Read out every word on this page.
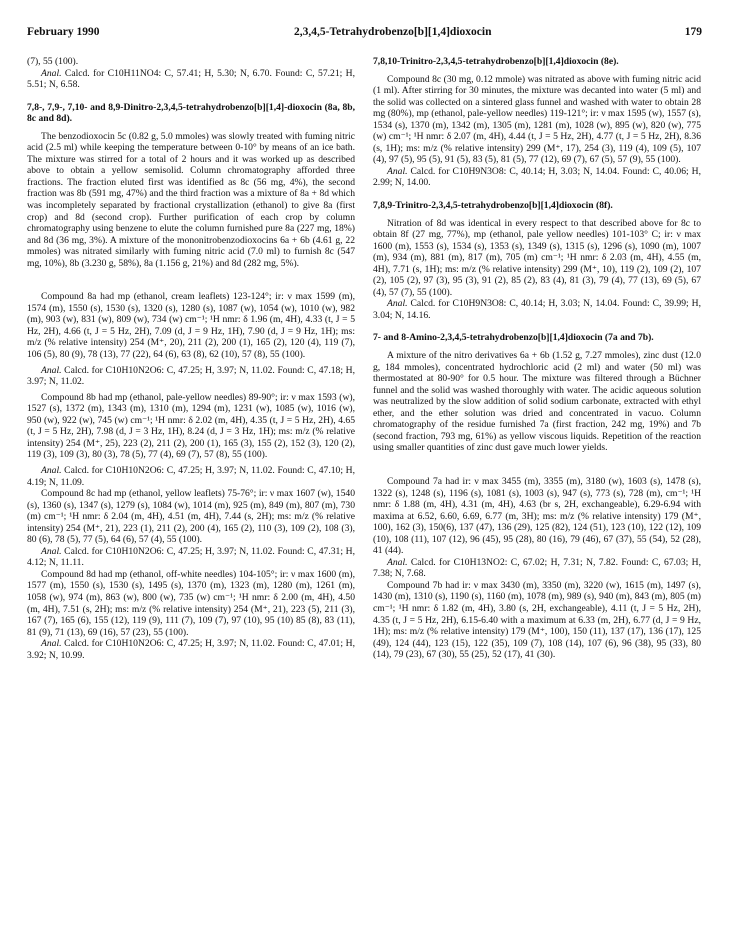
February 1990	2,3,4,5-Tetrahydrobenzo[b][1,4]dioxocin	179

(7), 55 (100).

Anal. Calcd. for C10H11NO4: C, 57.41; H, 5.30; N, 6.70. Found: C, 57.21; H, 5.51; N, 6.58.

7,8-, 7,9-, 7,10- and 8,9-Dinitro-2,3,4,5-tetrahydrobenzo[b][1,4]-dioxocin (8a, 8b, 8c and 8d).

The benzodioxocin 5c (0.82 g, 5.0 mmoles) was slowly treated with fuming nitric acid (2.5 ml) while keeping the temperature between 0-10° by means of an ice bath. The mixture was stirred for a total of 2 hours and it was worked up as described above to obtain a yellow semisolid. Column chromatography afforded three fractions. The fraction eluted first was identified as 8c (56 mg, 4%), the second fraction was 8b (591 mg, 47%) and the third fraction was a mixture of 8a + 8d which was incompletely separated by fractional crystallization (ethanol) to give 8a (first crop) and 8d (second crop). Further purification of each crop by column chromatography using benzene to elute the column furnished pure 8a (227 mg, 18%) and 8d (36 mg, 3%). A mixture of the mononitrobenzodioxocins 6a + 6b (4.61 g, 22 mmoles) was nitrated similarly with fuming nitric acid (7.0 ml) to furnish 8c (547 mg, 10%), 8b (3.230 g, 58%), 8a (1.156 g, 21%) and 8d (282 mg, 5%).

Compound 8a had mp (ethanol, cream leaflets) 123-124°; ir: ν max 1599 (m), 1574 (m), 1550 (s), 1530 (s), 1320 (s), 1280 (s), 1087 (w), 1054 (w), 1010 (w), 982 (m), 903 (w), 831 (w), 809 (w), 734 (w) cm⁻¹; ¹H nmr: δ 1.96 (m, 4H), 4.33 (t, J = 5 Hz, 2H), 4.66 (t, J = 5 Hz, 2H), 7.09 (d, J = 9 Hz, 1H), 7.90 (d, J = 9 Hz, 1H); ms: m/z (% relative intensity) 254 (M⁺, 20), 211 (2), 200 (1), 165 (2), 120 (4), 119 (7), 106 (5), 80 (9), 78 (13), 77 (22), 64 (6), 63 (8), 62 (10), 57 (8), 55 (100).

Anal. Calcd. for C10H10N2O6: C, 47.25; H, 3.97; N, 11.02. Found: C, 47.18; H, 3.97; N, 11.02.

Compound 8b had mp (ethanol, pale-yellow needles) 89-90°; ir: ν max 1593 (w), 1527 (s), 1372 (m), 1343 (m), 1310 (m), 1294 (m), 1231 (w), 1085 (w), 1016 (w), 950 (w), 922 (w), 745 (w) cm⁻¹; ¹H nmr: δ 2.02 (m, 4H), 4.35 (t, J = 5 Hz, 2H), 4.65 (t, J = 5 Hz, 2H), 7.98 (d, J = 3 Hz, 1H), 8.24 (d, J = 3 Hz, 1H); ms: m/z (% relative intensity) 254 (M⁺, 25), 223 (2), 211 (2), 200 (1), 165 (3), 155 (2), 152 (3), 120 (2), 119 (3), 109 (3), 80 (3), 78 (5), 77 (4), 69 (7), 57 (8), 55 (100).

Anal. Calcd. for C10H10N2O6: C, 47.25; H, 3.97; N, 11.02. Found: C, 47.10; H, 4.19; N, 11.09.

Compound 8c had mp (ethanol, yellow leaflets) 75-76°; ir: ν max 1607 (w), 1540 (s), 1360 (s), 1347 (s), 1279 (s), 1084 (w), 1014 (m), 925 (m), 849 (m), 807 (m), 730 (m) cm⁻¹; ¹H nmr: δ 2.04 (m, 4H), 4.51 (m, 4H), 7.44 (s, 2H); ms: m/z (% relative intensity) 254 (M⁺, 21), 223 (1), 211 (2), 200 (4), 165 (2), 110 (3), 109 (2), 108 (3), 80 (6), 78 (5), 77 (5), 64 (6), 57 (4), 55 (100).

Anal. Calcd. for C10H10N2O6: C, 47.25; H, 3.97; N, 11.02. Found: C, 47.31; H, 4.12; N, 11.11.

Compound 8d had mp (ethanol, off-white needles) 104-105°; ir: ν max 1600 (m), 1577 (m), 1550 (s), 1530 (s), 1495 (s), 1370 (m), 1323 (m), 1280 (m), 1261 (m), 1058 (w), 974 (m), 863 (w), 800 (w), 735 (w) cm⁻¹; ¹H nmr: δ 2.00 (m, 4H), 4.50 (m, 4H), 7.51 (s, 2H); ms: m/z (% relative intensity) 254 (M⁺, 21), 223 (5), 211 (3), 167 (7), 165 (6), 155 (12), 119 (9), 111 (7), 109 (7), 97 (10), 95 (10) 85 (8), 83 (11), 81 (9), 71 (13), 69 (16), 57 (23), 55 (100).

Anal. Calcd. for C10H10N2O6: C, 47.25; H, 3.97; N, 11.02. Found: C, 47.01; H, 3.92; N, 10.99.

7,8,10-Trinitro-2,3,4,5-tetrahydrobenzo[b][1,4]dioxocin (8e).

Compound 8c (30 mg, 0.12 mmole) was nitrated as above with fuming nitric acid (1 ml). After stirring for 30 minutes, the mixture was decanted into water (5 ml) and the solid was collected on a sintered glass funnel and washed with water to obtain 28 mg (80%), mp (ethanol, pale-yellow needles) 119-121°; ir: ν max 1595 (w), 1557 (s), 1534 (s), 1370 (m), 1342 (m), 1305 (m), 1281 (m), 1028 (w), 895 (w), 820 (w), 775 (w) cm⁻¹; ¹H nmr: δ 2.07 (m, 4H), 4.44 (t, J = 5 Hz, 2H), 4.77 (t, J = 5 Hz, 2H), 8.36 (s, 1H); ms: m/z (% relative intensity) 299 (M⁺, 17), 254 (3), 119 (4), 109 (5), 107 (4), 97 (5), 95 (5), 91 (5), 83 (5), 81 (5), 77 (12), 69 (7), 67 (5), 57 (9), 55 (100).

Anal. Calcd. for C10H9N3O8: C, 40.14; H, 3.03; N, 14.04. Found: C, 40.06; H, 2.99; N, 14.00.

7,8,9-Trinitro-2,3,4,5-tetrahydrobenzo[b][1,4]dioxocin (8f).

Nitration of 8d was identical in every respect to that described above for 8c to obtain 8f (27 mg, 77%), mp (ethanol, pale yellow needles) 101-103° C; ir: ν max 1600 (m), 1553 (s), 1534 (s), 1353 (s), 1349 (s), 1315 (s), 1296 (s), 1090 (m), 1007 (m), 934 (m), 881 (m), 817 (m), 705 (m) cm⁻¹; ¹H nmr: δ 2.03 (m, 4H), 4.55 (m, 4H), 7.71 (s, 1H); ms: m/z (% relative intensity) 299 (M⁺, 10), 119 (2), 109 (2), 107 (2), 105 (2), 97 (3), 95 (3), 91 (2), 85 (2), 83 (4), 81 (3), 79 (4), 77 (13), 69 (5), 67 (4), 57 (7), 55 (100).

Anal. Calcd. for C10H9N3O8: C, 40.14; H, 3.03; N, 14.04. Found: C, 39.99; H, 3.04; N, 14.16.

7- and 8-Amino-2,3,4,5-tetrahydrobenzo[b][1,4]dioxocin (7a and 7b).

A mixture of the nitro derivatives 6a + 6b (1.52 g, 7.27 mmoles), zinc dust (12.0 g, 184 mmoles), concentrated hydrochloric acid (2 ml) and water (50 ml) was thermostated at 80-90° for 0.5 hour. The mixture was filtered through a Büchner funnel and the solid was washed thoroughly with water. The acidic aqueous solution was neutralized by the slow addition of solid sodium carbonate, extracted with ethyl ether, and the ether solution was dried and concentrated in vacuo. Column chromatography of the residue furnished 7a (first fraction, 242 mg, 19%) and 7b (second fraction, 793 mg, 61%) as yellow viscous liquids. Repetition of the reaction using smaller quantities of zinc dust gave much lower yields.

Compound 7a had ir: ν max 3455 (m), 3355 (m), 3180 (w), 1603 (s), 1478 (s), 1322 (s), 1248 (s), 1196 (s), 1081 (s), 1003 (s), 947 (s), 773 (s), 728 (m), cm⁻¹; ¹H nmr: δ 1.88 (m, 4H), 4.31 (m, 4H), 4.63 (br s, 2H, exchangeable), 6.29-6.94 with maxima at 6.52, 6.60, 6.69, 6.77 (m, 3H); ms: m/z (% relative intensity) 179 (M⁺, 100), 162 (3), 150(6), 137 (47), 136 (29), 125 (82), 124 (51), 123 (10), 122 (12), 109 (10), 108 (11), 107 (12), 96 (45), 95 (28), 80 (16), 79 (46), 67 (37), 55 (54), 52 (28), 41 (44).

Anal. Calcd. for C10H13NO2: C, 67.02; H, 7.31; N, 7.82. Found: C, 67.03; H, 7.38; N, 7.68.

Compound 7b had ir: ν max 3430 (m), 3350 (m), 3220 (w), 1615 (m), 1497 (s), 1430 (m), 1310 (s), 1190 (s), 1160 (m), 1078 (m), 989 (s), 940 (m), 843 (m), 805 (m) cm⁻¹; ¹H nmr: δ 1.82 (m, 4H), 3.80 (s, 2H, exchangeable), 4.11 (t, J = 5 Hz, 2H), 4.35 (t, J = 5 Hz, 2H), 6.15-6.40 with a maximum at 6.33 (m, 2H), 6.77 (d, J = 9 Hz, 1H); ms: m/z (% relative intensity) 179 (M⁺, 100), 150 (11), 137 (17), 136 (17), 125 (49), 124 (44), 123 (15), 122 (35), 109 (7), 108 (14), 107 (6), 96 (38), 95 (33), 80 (14), 79 (23), 67 (30), 55 (25), 52 (17), 41 (30).
